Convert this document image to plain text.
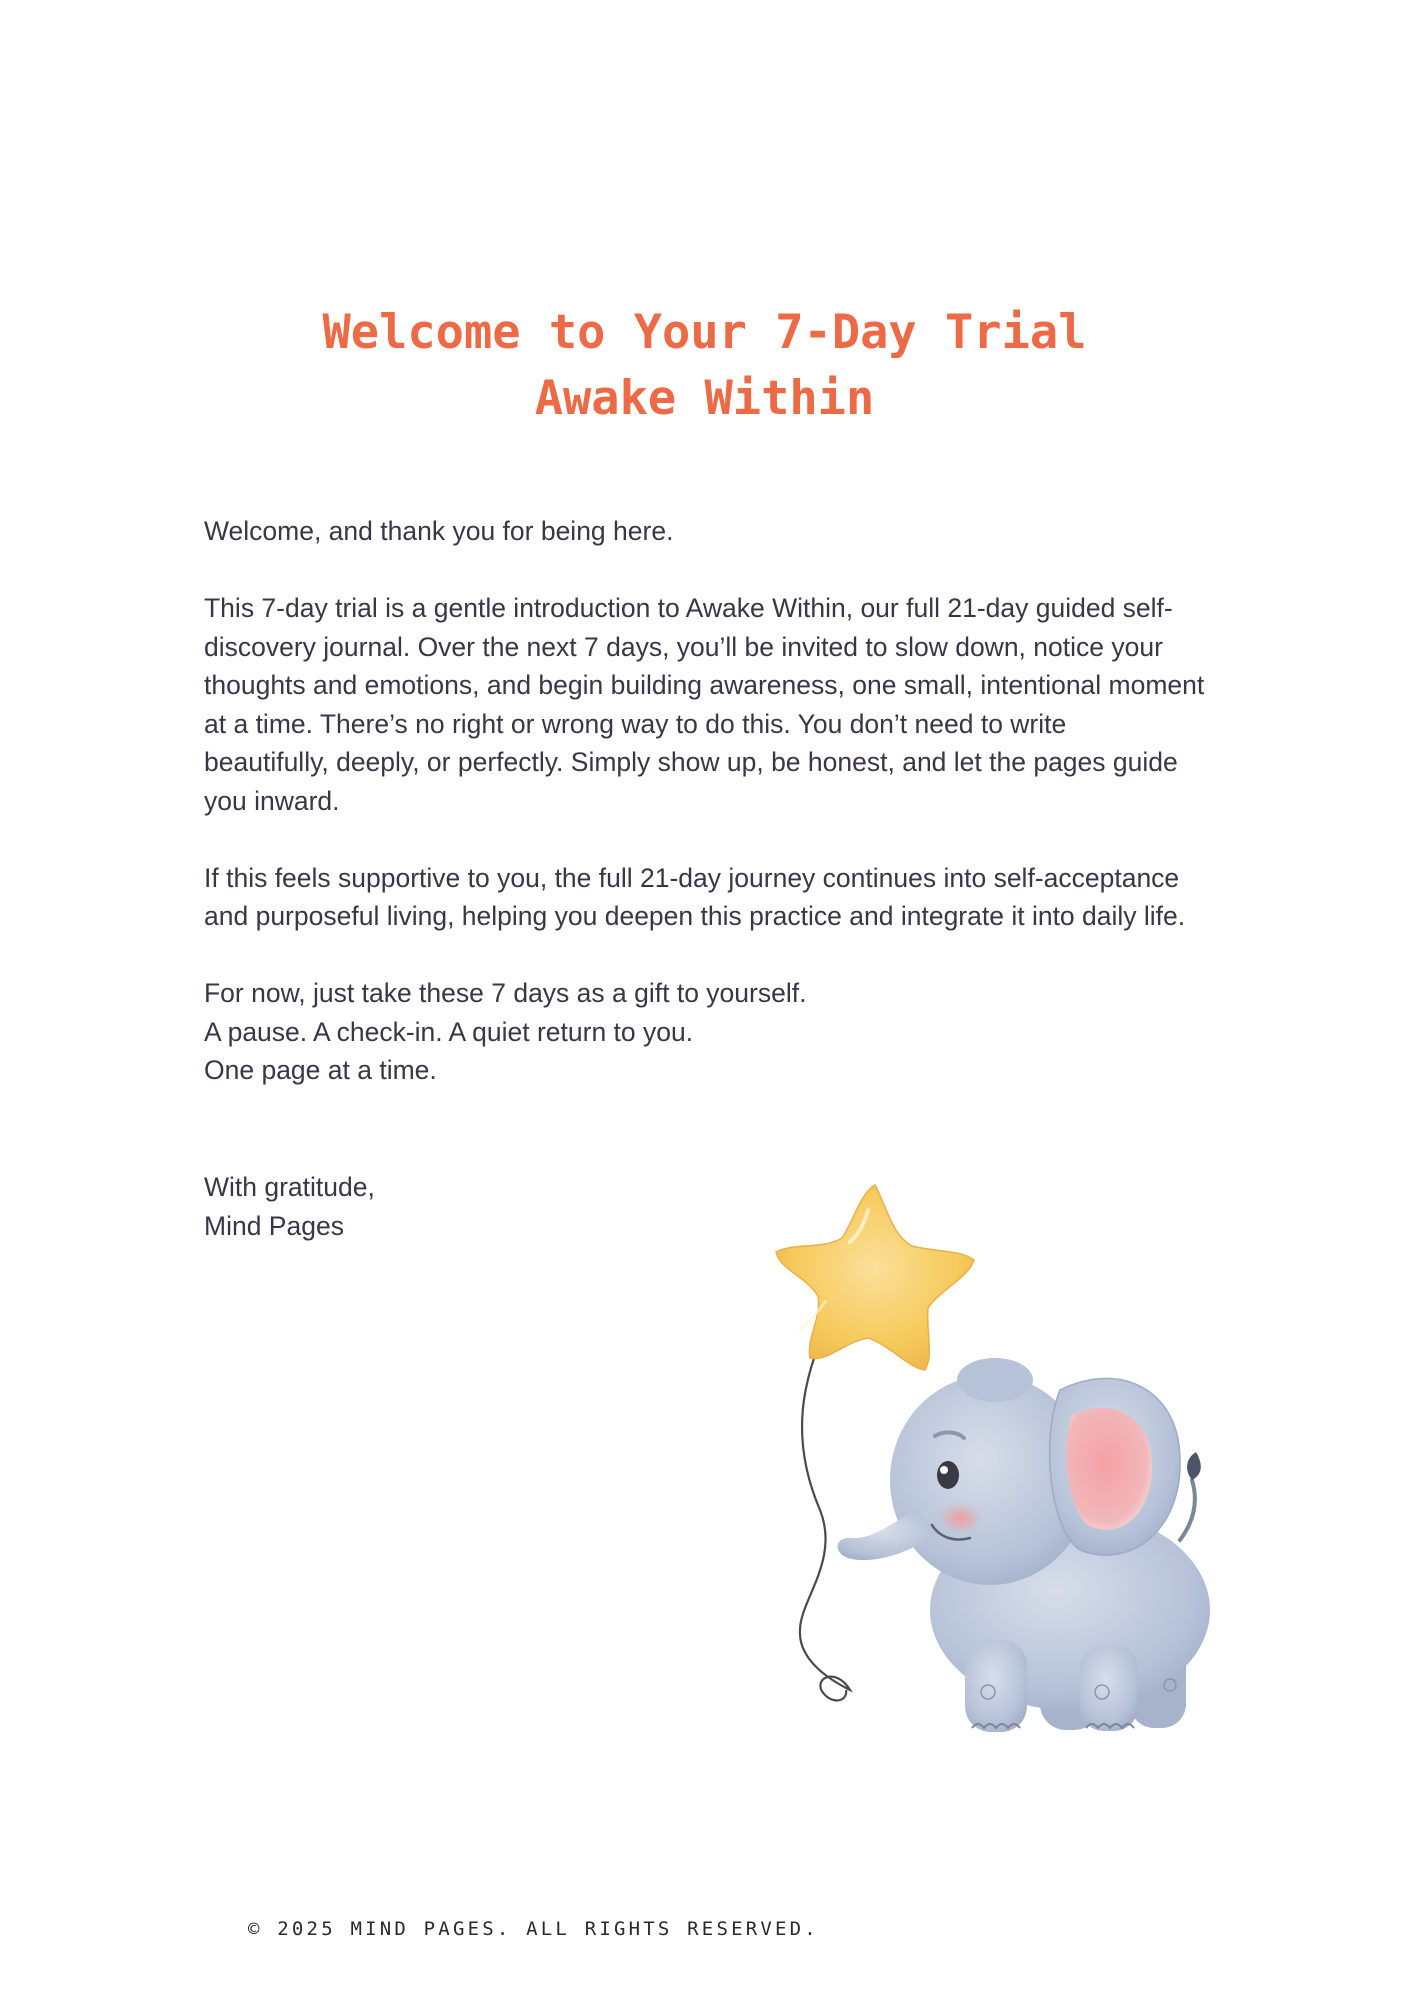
Welcome to Your 7-Day Trial
Awake Within

Welcome, and thank you for being here.

This 7-day trial is a gentle introduction to Awake Within, our full 21-day guided self-
discovery journal. Over the next 7 days, you’ll be invited to slow down, notice your
thoughts and emotions, and begin building awareness, one small, intentional moment
at a time. There’s no right or wrong way to do this. You don’t need to write
beautifully, deeply, or perfectly. Simply show up, be honest, and let the pages guide
you inward.

If this feels supportive to you, the full 21-day journey continues into self-acceptance
and purposeful living, helping you deepen this practice and integrate it into daily life.

For now, just take these 7 days as a gift to yourself.
A pause. A check-in. A quiet return to you.
One page at a time.

With gratitude,
Mind Pages
© 2025 MIND PAGES. ALL RIGHTS RESERVED.
